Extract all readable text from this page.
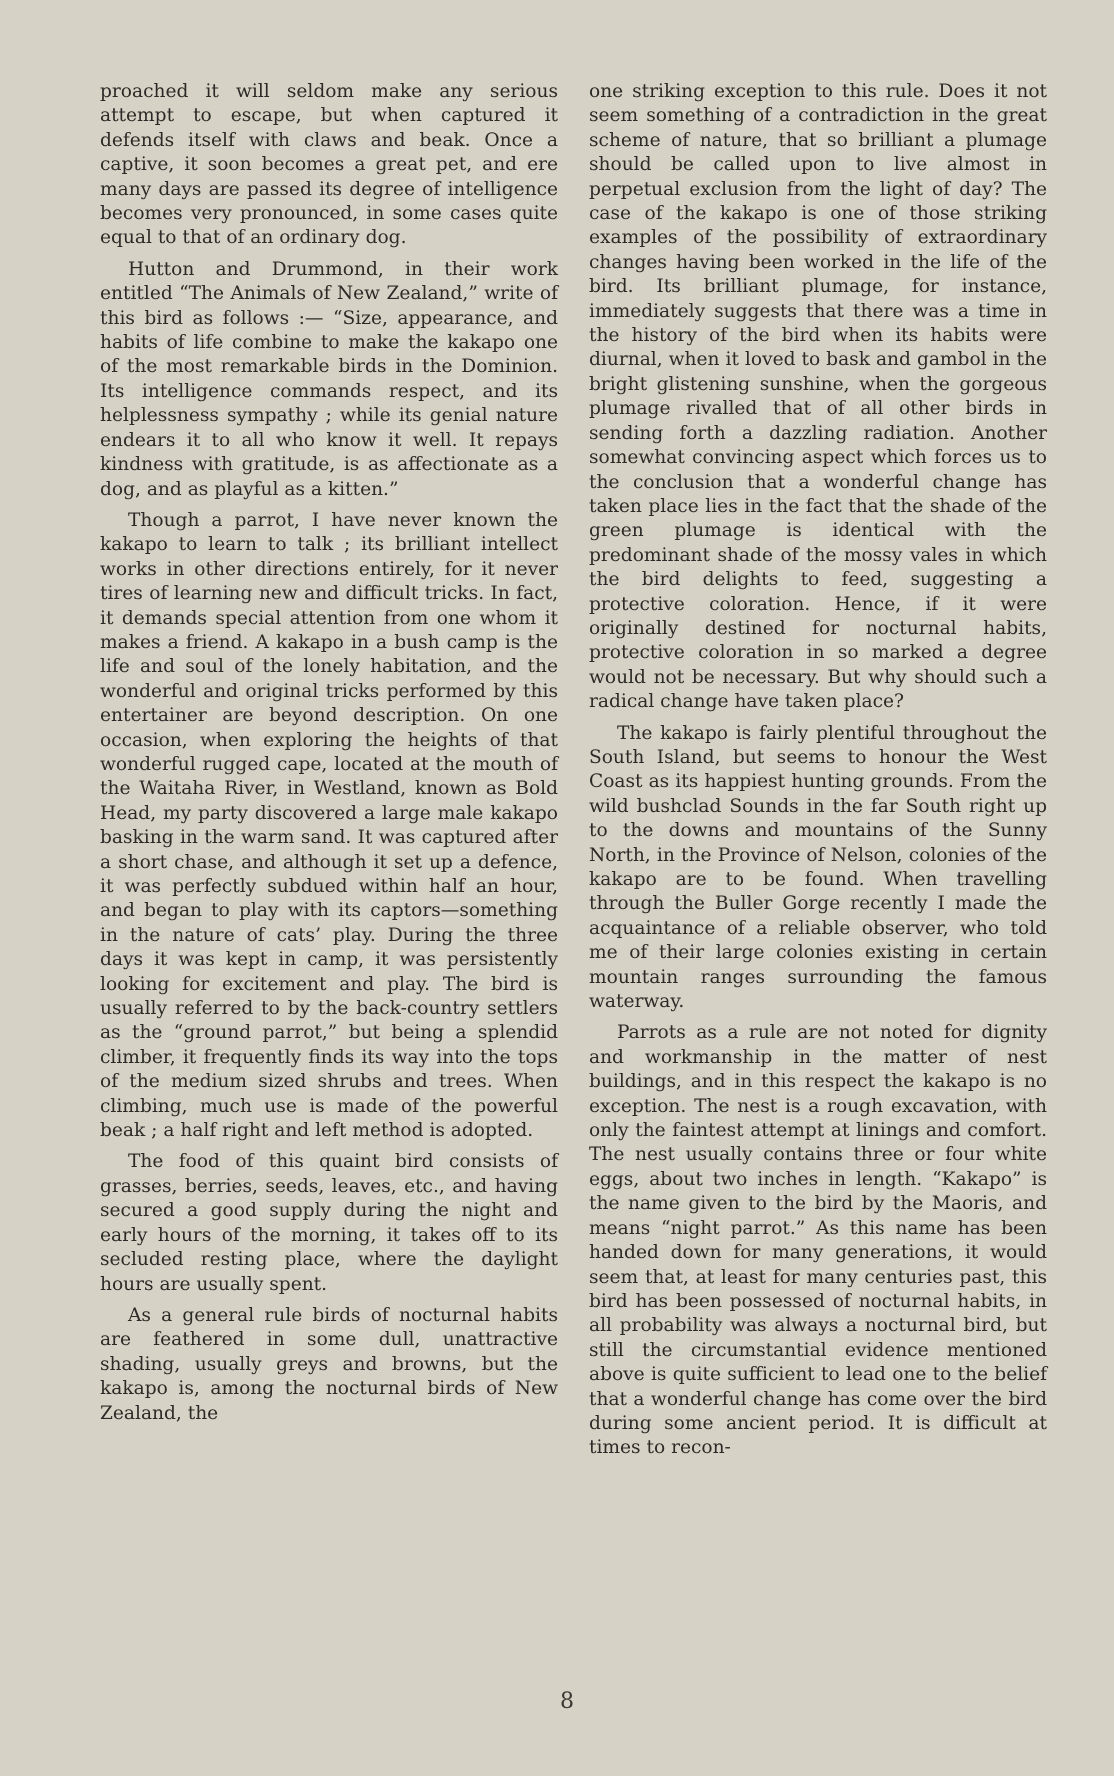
proached it will seldom make any serious attempt to escape, but when captured it defends itself with claws and beak. Once a captive, it soon becomes a great pet, and ere many days are passed its degree of intelligence becomes very pronounced, in some cases quite equal to that of an ordinary dog.

Hutton and Drummond, in their work entitled “The Animals of New Zealand,” write of this bird as follows :— “Size, appearance, and habits of life combine to make the kakapo one of the most remarkable birds in the Dominion. Its intelligence commands respect, and its helplessness sympathy ; while its genial nature endears it to all who know it well. It repays kindness with gratitude, is as affectionate as a dog, and as playful as a kitten.”

Though a parrot, I have never known the kakapo to learn to talk ; its brilliant intellect works in other directions entirely, for it never tires of learning new and difficult tricks. In fact, it demands special attention from one whom it makes a friend. A kakapo in a bush camp is the life and soul of the lonely habitation, and the wonderful and original tricks performed by this entertainer are beyond description. On one occasion, when exploring the heights of that wonderful rugged cape, located at the mouth of the Waitaha River, in Westland, known as Bold Head, my party discovered a large male kakapo basking in the warm sand. It was captured after a short chase, and although it set up a defence, it was perfectly subdued within half an hour, and began to play with its captors—something in the nature of cats’ play. During the three days it was kept in camp, it was persistently looking for excitement and play. The bird is usually referred to by the back-country settlers as the “ground parrot,” but being a splendid climber, it frequently finds its way into the tops of the medium sized shrubs and trees. When climbing, much use is made of the powerful beak ; a half right and left method is adopted.

The food of this quaint bird consists of grasses, berries, seeds, leaves, etc., and having secured a good supply during the night and early hours of the morning, it takes off to its secluded resting place, where the daylight hours are usually spent.

As a general rule birds of nocturnal habits are feathered in some dull, unattractive shading, usually greys and browns, but the kakapo is, among the nocturnal birds of New Zealand, the

one striking exception to this rule. Does it not seem something of a contradiction in the great scheme of nature, that so brilliant a plumage should be called upon to live almost in perpetual exclusion from the light of day? The case of the kakapo is one of those striking examples of the possibility of extraordinary changes having been worked in the life of the bird. Its brilliant plumage, for instance, immediately suggests that there was a time in the history of the bird when its habits were diurnal, when it loved to bask and gambol in the bright glistening sunshine, when the gorgeous plumage rivalled that of all other birds in sending forth a dazzling radiation. Another somewhat convincing aspect which forces us to the conclusion that a wonderful change has taken place lies in the fact that the shade of the green plumage is identical with the predominant shade of the mossy vales in which the bird delights to feed, suggesting a protective coloration. Hence, if it were originally destined for nocturnal habits, protective coloration in so marked a degree would not be necessary. But why should such a radical change have taken place?

The kakapo is fairly plentiful throughout the South Island, but seems to honour the West Coast as its happiest hunting grounds. From the wild bushclad Sounds in the far South right up to the downs and mountains of the Sunny North, in the Province of Nelson, colonies of the kakapo are to be found. When travelling through the Buller Gorge recently I made the acquaintance of a reliable observer, who told me of their large colonies existing in certain mountain ranges surrounding the famous waterway.

Parrots as a rule are not noted for dignity and workmanship in the matter of nest buildings, and in this respect the kakapo is no exception. The nest is a rough excavation, with only the faintest attempt at linings and comfort. The nest usually contains three or four white eggs, about two inches in length. “Kakapo” is the name given to the bird by the Maoris, and means “night parrot.” As this name has been handed down for many generations, it would seem that, at least for many centuries past, this bird has been possessed of nocturnal habits, in all probability was always a nocturnal bird, but still the circumstantial evidence mentioned above is quite sufficient to lead one to the belief that a wonderful change has come over the bird during some ancient period. It is difficult at times to recon-

8
